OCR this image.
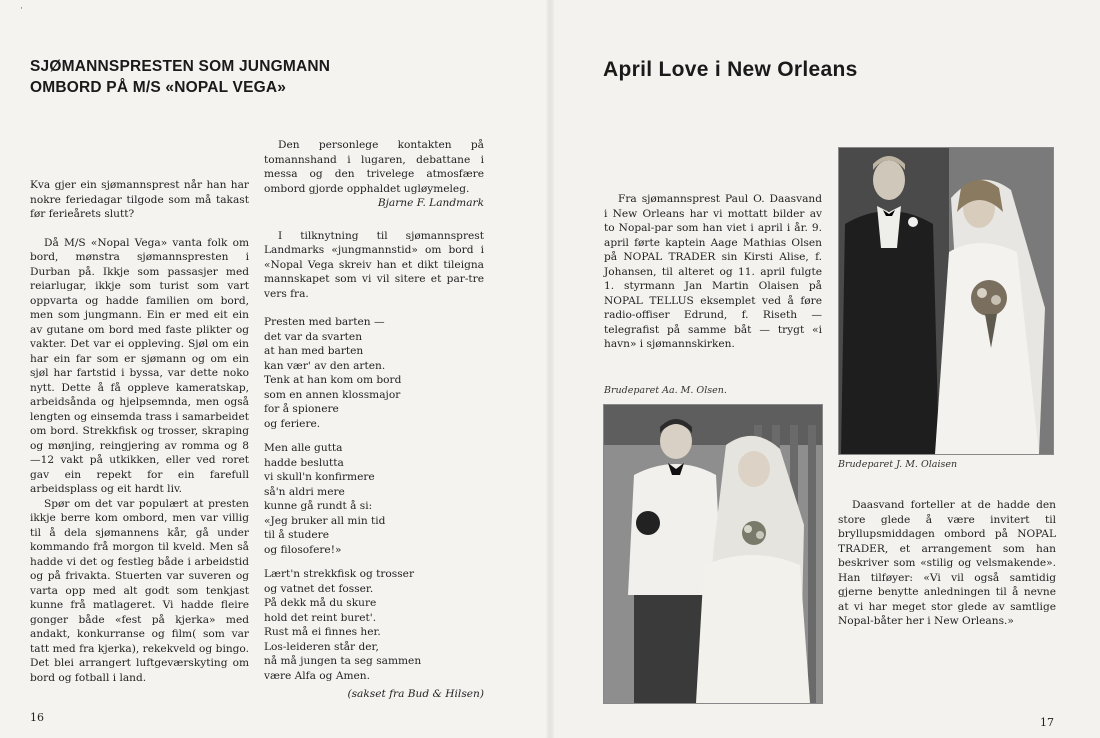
·
SJØMANNSPRESTEN SOM JUNGMANN
OMBORD PÅ M/S «NOPAL VEGA»

Kva gjer ein sjømannsprest når han har nokre feriedagar tilgode som må takast før ferieårets slutt?

Då M/S «Nopal Vega» vanta folk om bord, mønstra sjømannspresten i Durban på. Ikkje som passasjer med reiarlugar, ikkje som turist som vart oppvarta og hadde familien om bord, men som jungmann. Ein er med eit ein av gutane om bord med faste plikter og vakter. Det var ei oppleving. Sjøl om ein har ein far som er sjømann og om ein sjøl har fartstid i byssa, var dette noko nytt. Dette å få oppleve kameratskap, arbeidsånda og hjelpsemnda, men også lengten og einsemda trass i samarbeidet om bord. Strekkfisk og trosser, skraping og mønjing, reingjering av romma og 8—12 vakt på utkikken, eller ved roret gav ein repekt for ein farefull arbeidsplass og eit hardt liv.

Spør om det var populært at presten ikkje berre kom ombord, men var villig til å dela sjømannens kår, gå under kommando frå morgon til kveld. Men så hadde vi det og festleg både i arbeidstid og på frivakta. Stuerten var suveren og varta opp med alt godt som tenkjast kunne frå matlageret. Vi hadde fleire gonger både «fest på kjerka» med andakt, konkurranse og film( som var tatt med fra kjerka), rekekveld og bingo. Det blei arrangert luftgeværskyting om bord og fotball i land.

Den personlege kontakten på tomannshand i lugaren, debattane i messa og den trivelege atmosfære ombord gjorde opphaldet ugløymeleg.

Bjarne F. Landmark

I tilknytning til sjømannsprest Landmarks «jungmannstid» om bord i «Nopal Vega skreiv han et dikt tileigna mannskapet som vi vil sitere et par-tre vers fra.

Presten med barten —
det var da svarten
at han med barten
kan vær' av den arten.
Tenk at han kom om bord
som en annen klossmajor
for å spionere
og feriere.
Men alle gutta
hadde besluttа
vi skull'n konfirmere
så'n aldri mere
kunne gå rundt å si:
«Jeg bruker all min tid
til å studere
og filosofere!»
Lært'n strekkfisk og trosser
og vatnet det fosser.
På dekk må du skure
hold det reint buret'.
Rust må ei finnes her.
Los-leideren står der,
nå må jungen ta seg sammen
være Alfa og Amen.
(sakset fra Bud & Hilsen)
16
April Love i New Orleans

Fra sjømannsprest Paul O. Daasvand i New Orleans har vi mottatt bilder av to Nopal-par som han viet i april i år. 9. april førte kaptein Aage Mathias Olsen på NOPAL TRADER sin Kirsti Alise, f. Johansen, til alteret og 11. april fulgte 1. styrmann Jan Martin Olaisen på NOPAL TELLUS eksemplet ved å føre radio-offiser Edrund, f. Riseth — telegrafist på samme båt — trygt «i havn» i sjømannskirken.

Brudeparet Aa. M. Olsen.
Brudeparet J. M. Olaisen

Daasvand forteller at de hadde den store glede å være invitert til bryllupsmiddagen ombord på NOPAL TRADER, et arrangement som han beskriver som «stilig og velsmakende». Han tilføyer: «Vi vil også samtidig gjerne benytte anledningen til å nevne at vi har meget stor glede av samtlige Nopal-båter her i New Orleans.»

17
